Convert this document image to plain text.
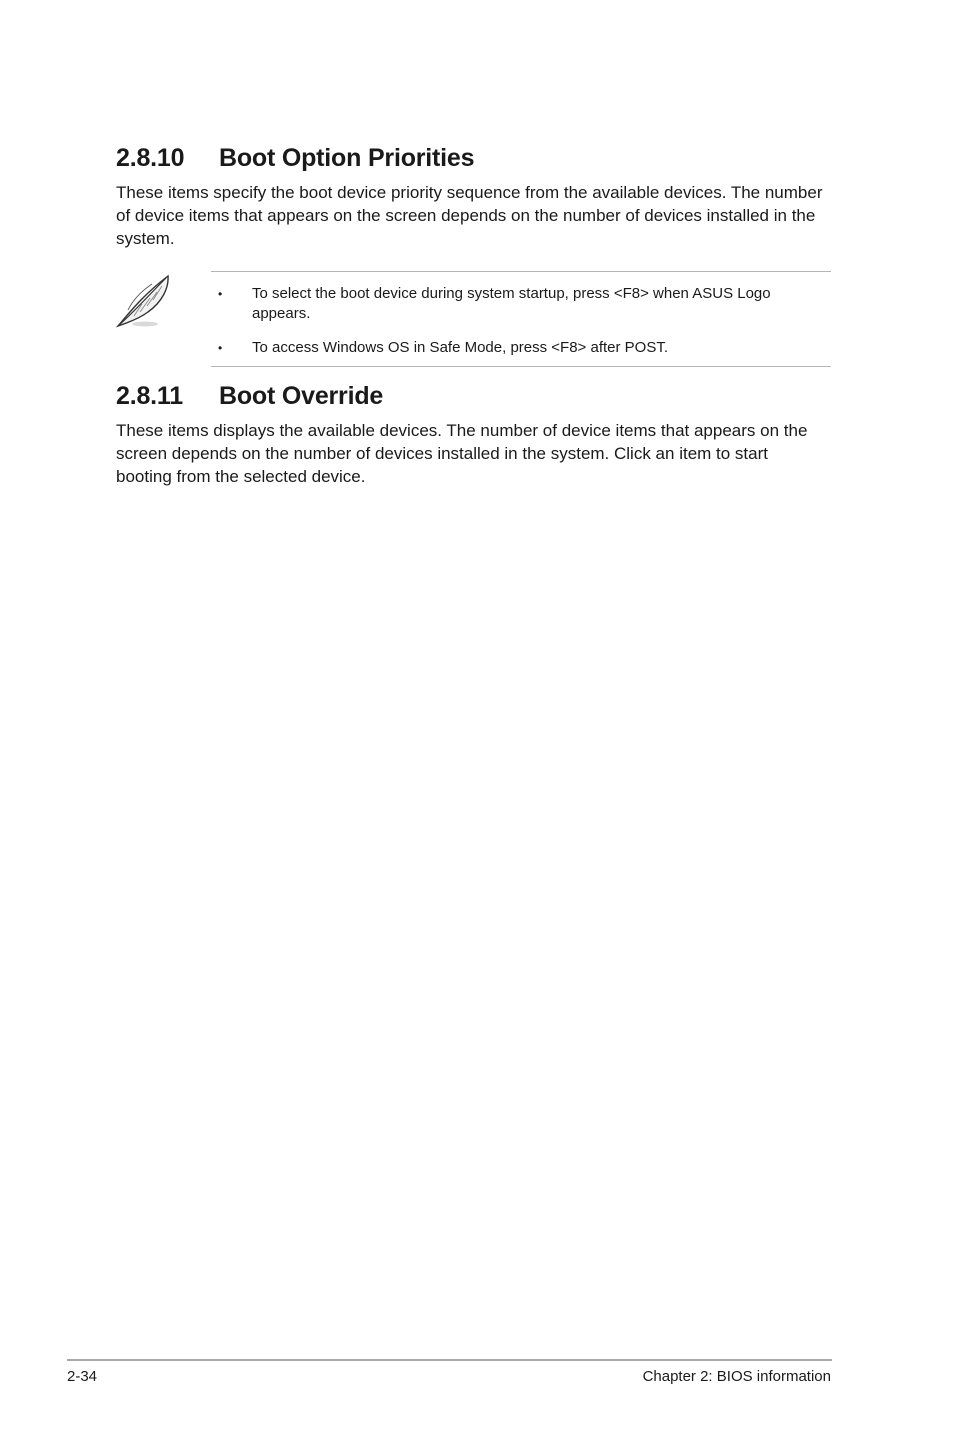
2.8.10 Boot Option Priorities

These items specify the boot device priority sequence from the available devices. The number of device items that appears on the screen depends on the number of devices installed in the system.

• To select the boot device during system startup, press <F8> when ASUS Logo appears.
• To access Windows OS in Safe Mode, press <F8> after POST.
2.8.11 Boot Override

These items displays the available devices. The number of device items that appears on the screen depends on the number of devices installed in the system. Click an item to start booting from the selected device.

2-34	Chapter 2: BIOS information
